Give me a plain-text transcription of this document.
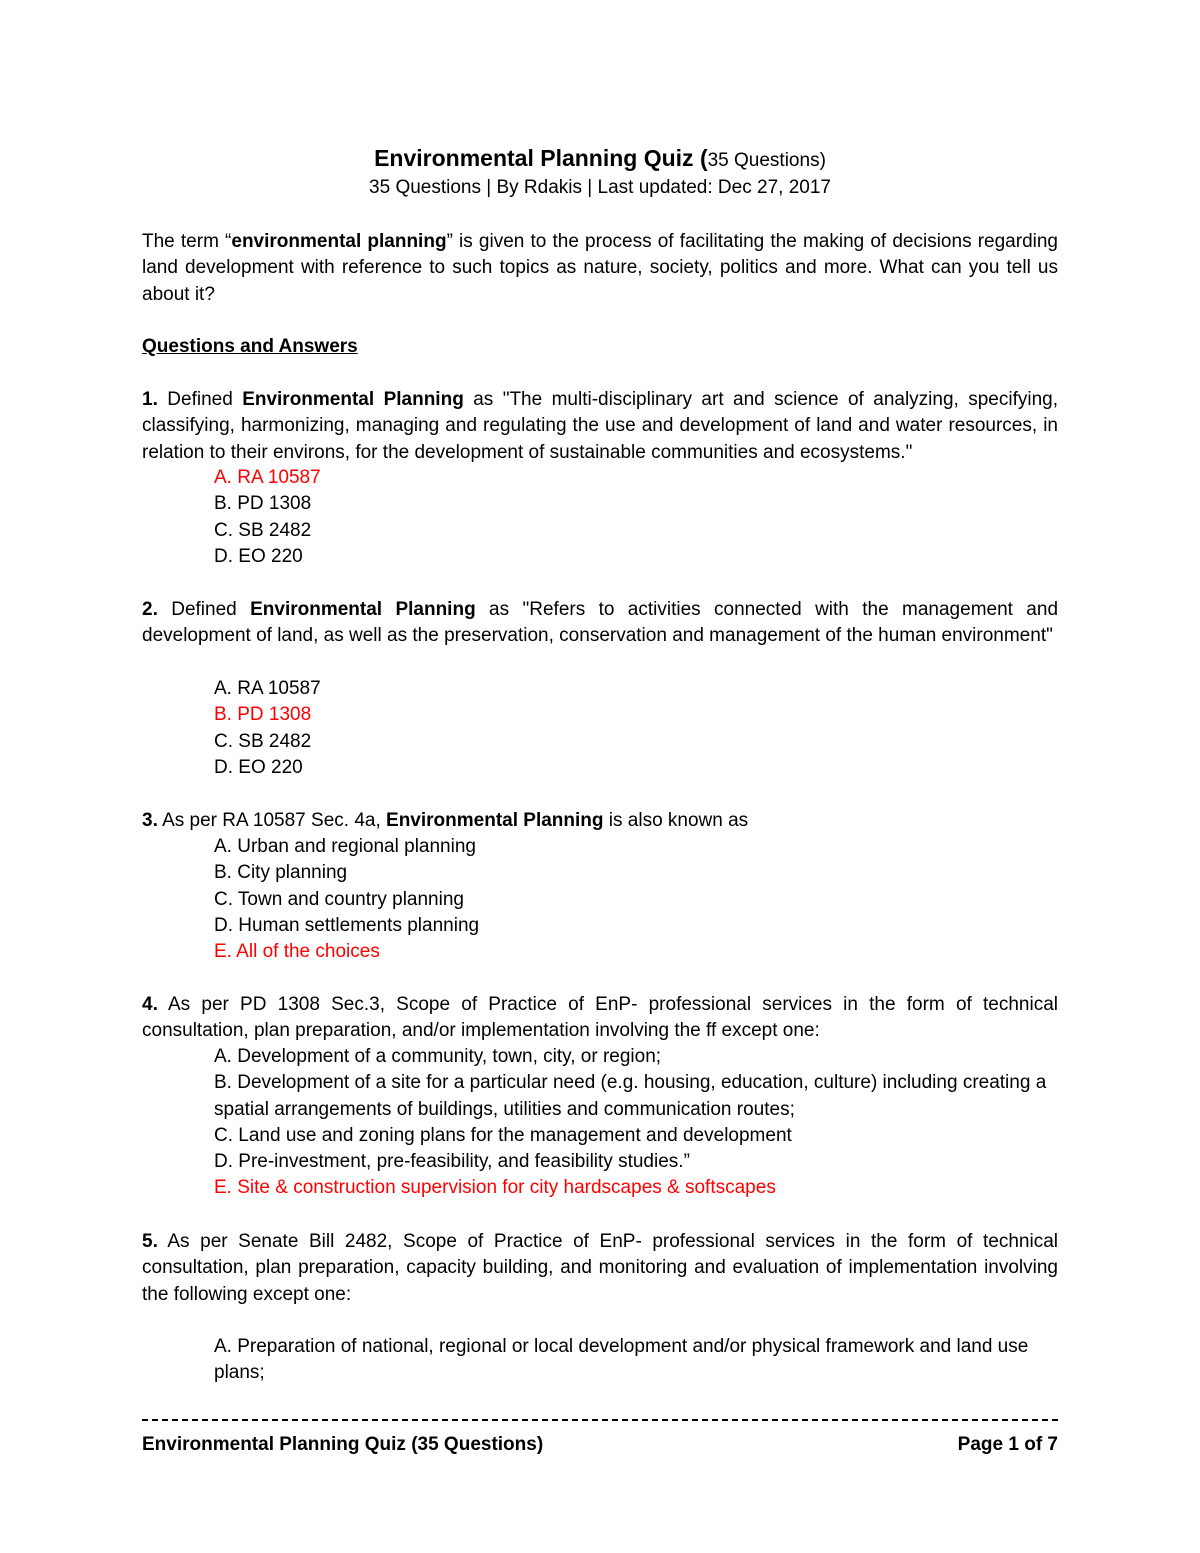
Environmental Planning Quiz (35 Questions)
35 Questions | By Rdakis | Last updated: Dec 27, 2017
The term “environmental planning” is given to the process of facilitating the making of decisions regarding land development with reference to such topics as nature, society, politics and more. What can you tell us about it?
Questions and Answers
1. Defined Environmental Planning as "The multi-disciplinary art and science of analyzing, specifying, classifying, harmonizing, managing and regulating the use and development of land and water resources, in relation to their environs, for the development of sustainable communities and ecosystems."
A. RA 10587
B. PD 1308
C. SB 2482
D. EO 220
2. Defined Environmental Planning as "Refers to activities connected with the management and development of land, as well as the preservation, conservation and management of the human environment"
A. RA 10587
B. PD 1308
C. SB 2482
D. EO 220
3. As per RA 10587 Sec. 4a, Environmental Planning is also known as
A. Urban and regional planning
B. City planning
C. Town and country planning
D. Human settlements planning
E. All of the choices
4. As per PD 1308 Sec.3, Scope of Practice of EnP- professional services in the form of technical consultation, plan preparation, and/or implementation involving the ff except one:
A. Development of a community, town, city, or region;
B. Development of a site for a particular need (e.g. housing, education, culture) including creating a spatial arrangements of buildings, utilities and communication routes;
C. Land use and zoning plans for the management and development
D. Pre-investment, pre-feasibility, and feasibility studies.”
E. Site & construction supervision for city hardscapes & softscapes
5. As per Senate Bill 2482, Scope of Practice of EnP- professional services in the form of technical consultation, plan preparation, capacity building, and monitoring and evaluation of implementation involving the following except one:
A. Preparation of national, regional or local development and/or physical framework and land use plans;
Environmental Planning Quiz (35 Questions)	Page 1 of 7
